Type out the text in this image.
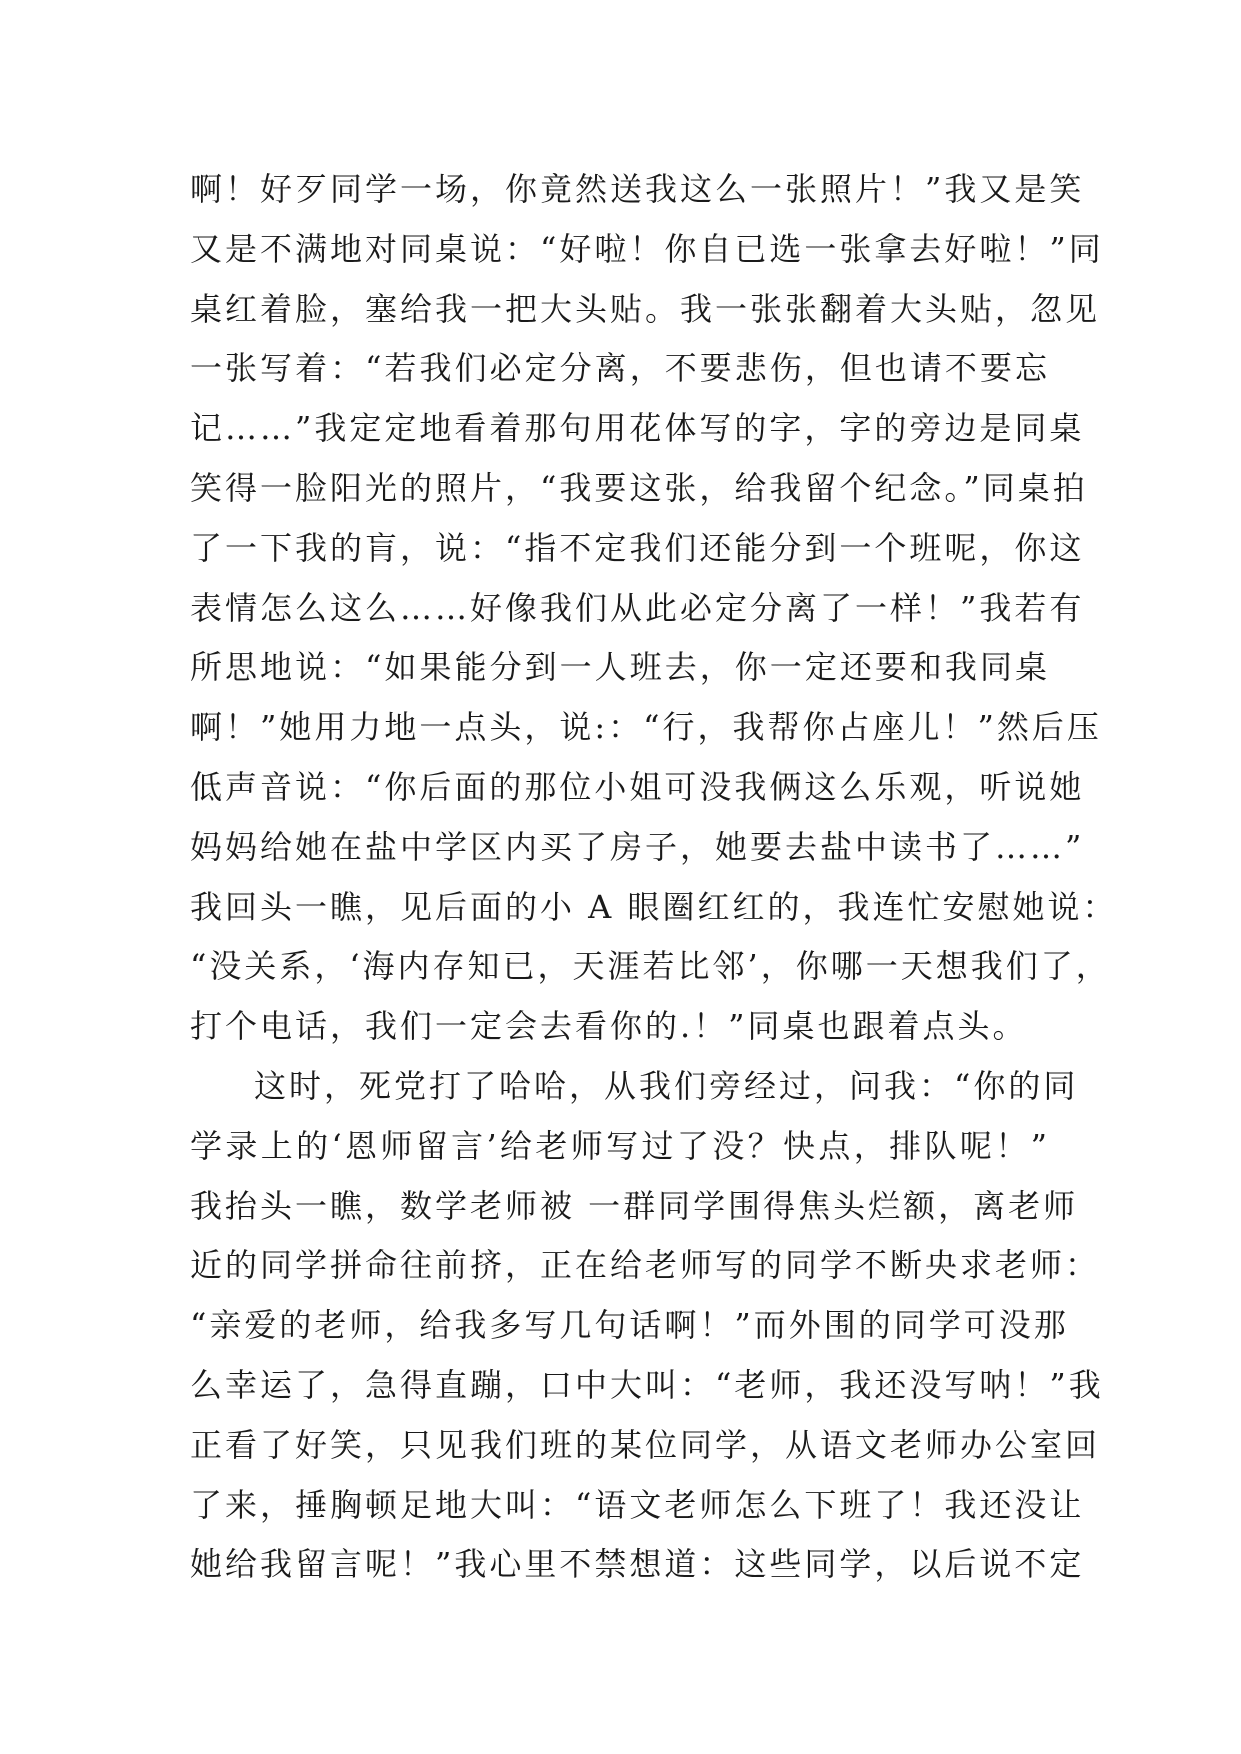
啊！好歹同学一场，你竟然送我这么一张照片！”我又是笑
又是不满地对同桌说：“好啦！你自已选一张拿去好啦！”同
桌红着脸，塞给我一把大头贴。我一张张翻着大头贴，忽见
一张写着：“若我们必定分离，不要悲伤，但也请不要忘
记……”我定定地看着那句用花体写的字，字的旁边是同桌
笑得一脸阳光的照片，“我要这张，给我留个纪念。”同桌拍
了一下我的肓，说：“指不定我们还能分到一个班呢，你这
表情怎么这么……好像我们从此必定分离了一样！”我若有
所思地说：“如果能分到一人班去，你一定还要和我同桌
啊！”她用力地一点头，说:：“行，我帮你占座儿！”然后压
低声音说：“你后面的那位小姐可没我俩这么乐观，听说她
妈妈给她在盐中学区内买了房子，她要去盐中读书了……”
我回头一瞧，见后面的小 A 眼圈红红的，我连忙安慰她说：
“没关系，‘海内存知已，天涯若比邻’，你哪一天想我们了，
打个电话，我们一定会去看你的.！”同桌也跟着点头。
这时，死党打了哈哈，从我们旁经过，问我：“你的同
学录上的‘恩师留言’给老师写过了没？快点，排队呢！”
我抬头一瞧，数学老师被 一群同学围得焦头烂额，离老师
近的同学拼命往前挤，正在给老师写的同学不断央求老师：
“亲爱的老师，给我多写几句话啊！”而外围的同学可没那
么幸运了，急得直蹦，口中大叫：“老师，我还没写呐！”我
正看了好笑，只见我们班的某位同学，从语文老师办公室回
了来，捶胸顿足地大叫：“语文老师怎么下班了！我还没让
她给我留言呢！”我心里不禁想道：这些同学，以后说不定
